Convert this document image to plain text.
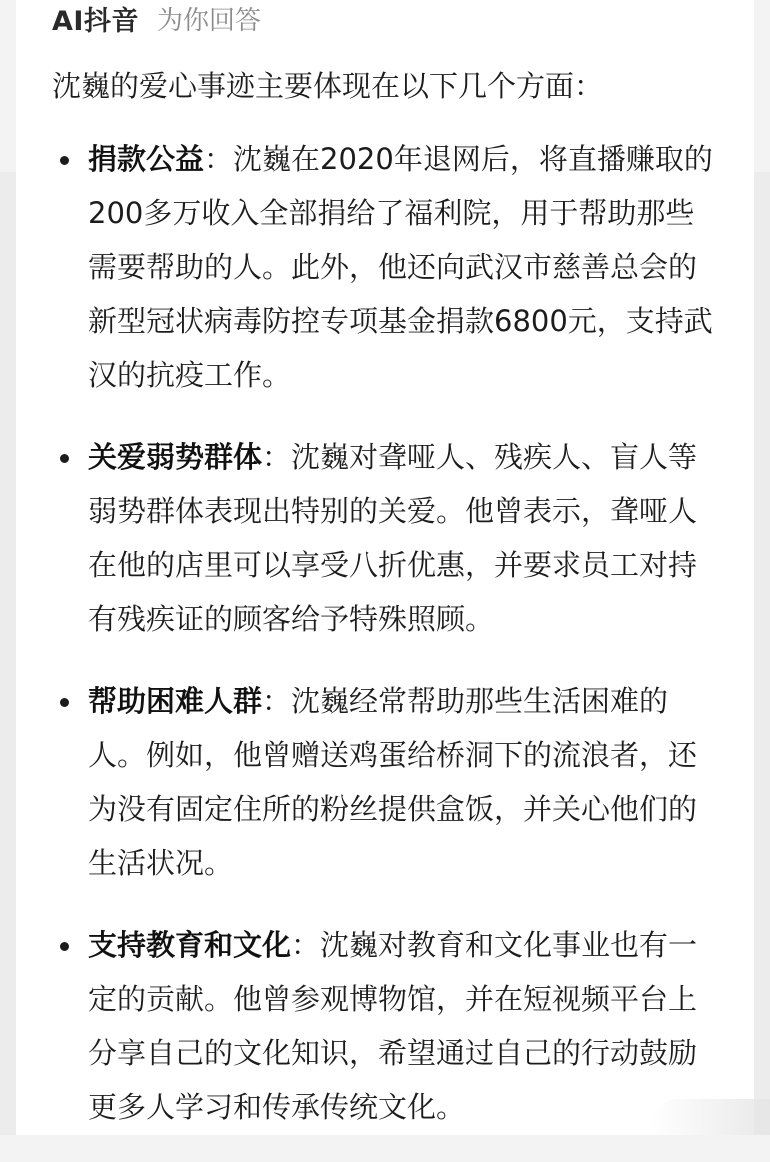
AI抖音 为你回答
沈巍的爱心事迹主要体现在以下几个方面：
捐款公益：沈巍在2020年退网后，将直播赚取的200多万收入全部捐给了福利院，用于帮助那些需要帮助的人。此外，他还向武汉市慈善总会的新型冠状病毒防控专项基金捐款6800元，支持武汉的抗疫工作。
关爱弱势群体：沈巍对聋哑人、残疾人、盲人等弱势群体表现出特别的关爱。他曾表示，聋哑人在他的店里可以享受八折优惠，并要求员工对持有残疾证的顾客给予特殊照顾。
帮助困难人群：沈巍经常帮助那些生活困难的人。例如，他曾赠送鸡蛋给桥洞下的流浪者，还为没有固定住所的粉丝提供盒饭，并关心他们的生活状况。
支持教育和文化：沈巍对教育和文化事业也有一定的贡献。他曾参观博物馆，并在短视频平台上分享自己的文化知识，希望通过自己的行动鼓励更多人学习和传承传统文化。
